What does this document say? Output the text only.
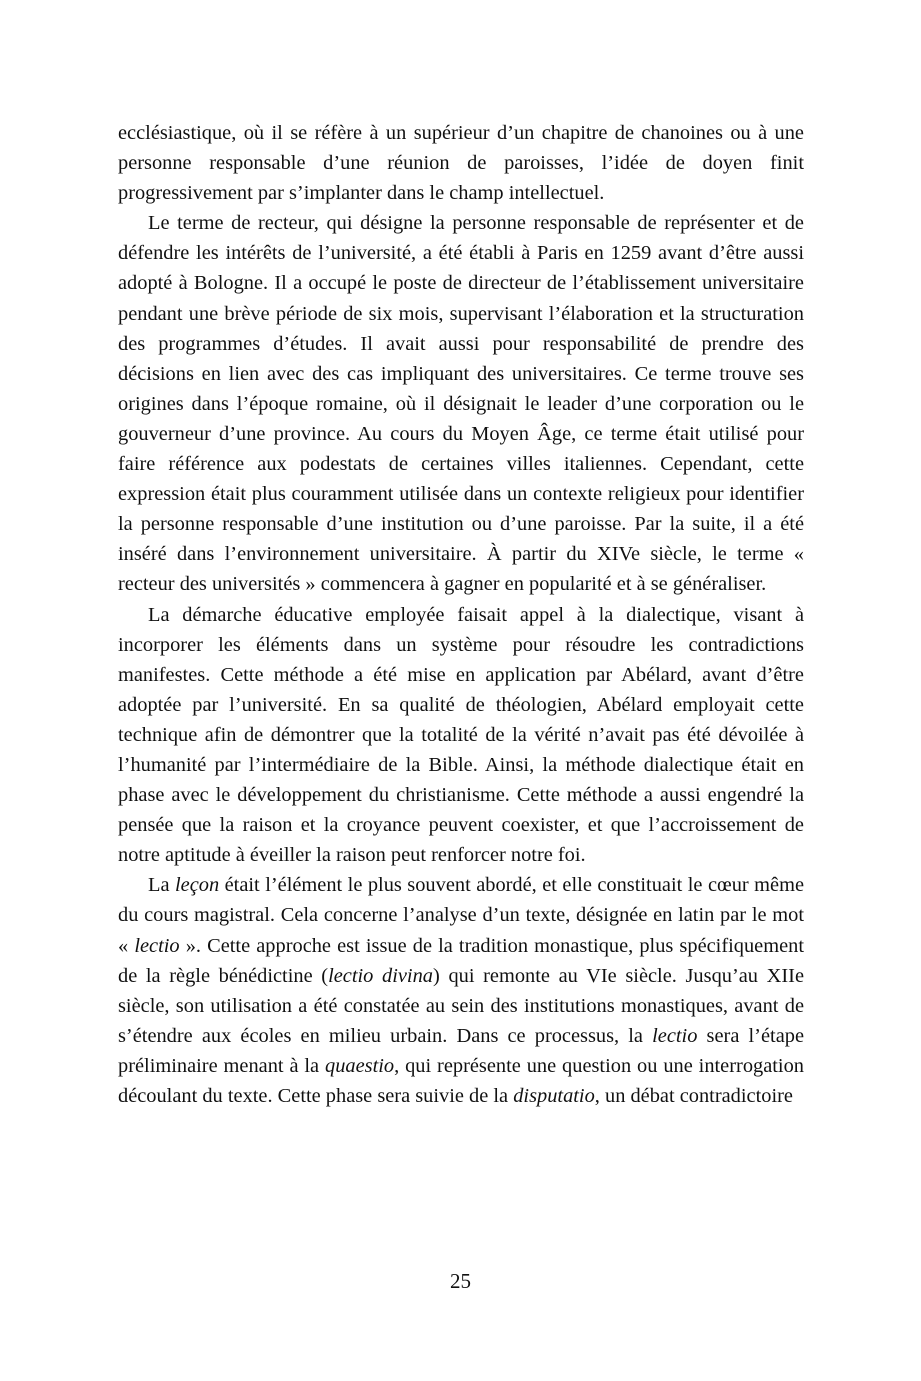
ecclésiastique, où il se réfère à un supérieur d’un chapitre de chanoines ou à une personne responsable d’une réunion de paroisses, l’idée de doyen finit progressivement par s’implanter dans le champ intellectuel.

Le terme de recteur, qui désigne la personne responsable de représenter et de défendre les intérêts de l’université, a été établi à Paris en 1259 avant d’être aussi adopté à Bologne. Il a occupé le poste de directeur de l’établissement universitaire pendant une brève période de six mois, supervisant l’élaboration et la structuration des programmes d’études. Il avait aussi pour responsabilité de prendre des décisions en lien avec des cas impliquant des universitaires. Ce terme trouve ses origines dans l’époque romaine, où il désignait le leader d’une corporation ou le gouverneur d’une province. Au cours du Moyen Âge, ce terme était utilisé pour faire référence aux podestats de certaines villes italiennes. Cependant, cette expression était plus couramment utilisée dans un contexte religieux pour identifier la personne responsable d’une institution ou d’une paroisse. Par la suite, il a été inséré dans l’environnement universitaire. À partir du XIVe siècle, le terme « recteur des universités » commencera à gagner en popularité et à se généraliser.

La démarche éducative employée faisait appel à la dialectique, visant à incorporer les éléments dans un système pour résoudre les contradictions manifestes. Cette méthode a été mise en application par Abélard, avant d’être adoptée par l’université. En sa qualité de théologien, Abélard employait cette technique afin de démontrer que la totalité de la vérité n’avait pas été dévoilée à l’humanité par l’intermédiaire de la Bible. Ainsi, la méthode dialectique était en phase avec le développement du christianisme. Cette méthode a aussi engendré la pensée que la raison et la croyance peuvent coexister, et que l’accroissement de notre aptitude à éveiller la raison peut renforcer notre foi.

La leçon était l’élément le plus souvent abordé, et elle constituait le cœur même du cours magistral. Cela concerne l’analyse d’un texte, désignée en latin par le mot « lectio ». Cette approche est issue de la tradition monastique, plus spécifiquement de la règle bénédictine (lectio divina) qui remonte au VIe siècle. Jusqu’au XIIe siècle, son utilisation a été constatée au sein des institutions monastiques, avant de s’étendre aux écoles en milieu urbain. Dans ce processus, la lectio sera l’étape préliminaire menant à la quaestio, qui représente une question ou une interrogation découlant du texte. Cette phase sera suivie de la disputatio, un débat contradictoire

25
